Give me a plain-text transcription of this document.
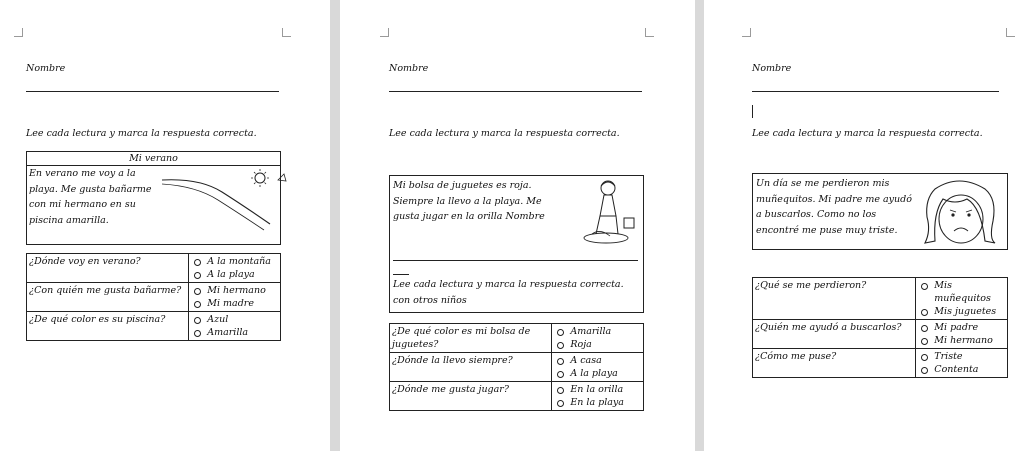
Nombre
Lee cada lectura y marca la respuesta correcta.
Mi verano
En verano me voy a la playa. Me gusta bañarme con mi hermano en su piscina amarilla.
¿Dónde voy en verano?	A la montaña
A la playa

¿Con quién me gusta bañarme?	Mi hermano
Mi madre

¿De qué color es su piscina?	Azul
Amarilla
Nombre
Lee cada lectura y marca la respuesta correcta.
Mi bolsa de juguetes es roja. Siempre la llevo a la playa. Me gusta jugar en la orilla Nombre
Lee cada lectura y marca la respuesta correcta. con otros niños
¿De qué color es mi bolsa de juguetes?	Amarilla
Roja

¿Dónde la llevo siempre?	A casa
A la playa

¿Dónde me gusta jugar?	En la orilla
En la playa
Nombre
Lee cada lectura y marca la respuesta correcta.
Un día se me perdieron mis muñequitos. Mi padre me ayudó a buscarlos. Como no los encontré me puse muy triste.
¿Qué se me perdieron?	Mis muñequitos
Mis juguetes

¿Quién me ayudó a buscarlos?	Mi padre
Mi hermano

¿Cómo me puse?	Triste
Contenta
